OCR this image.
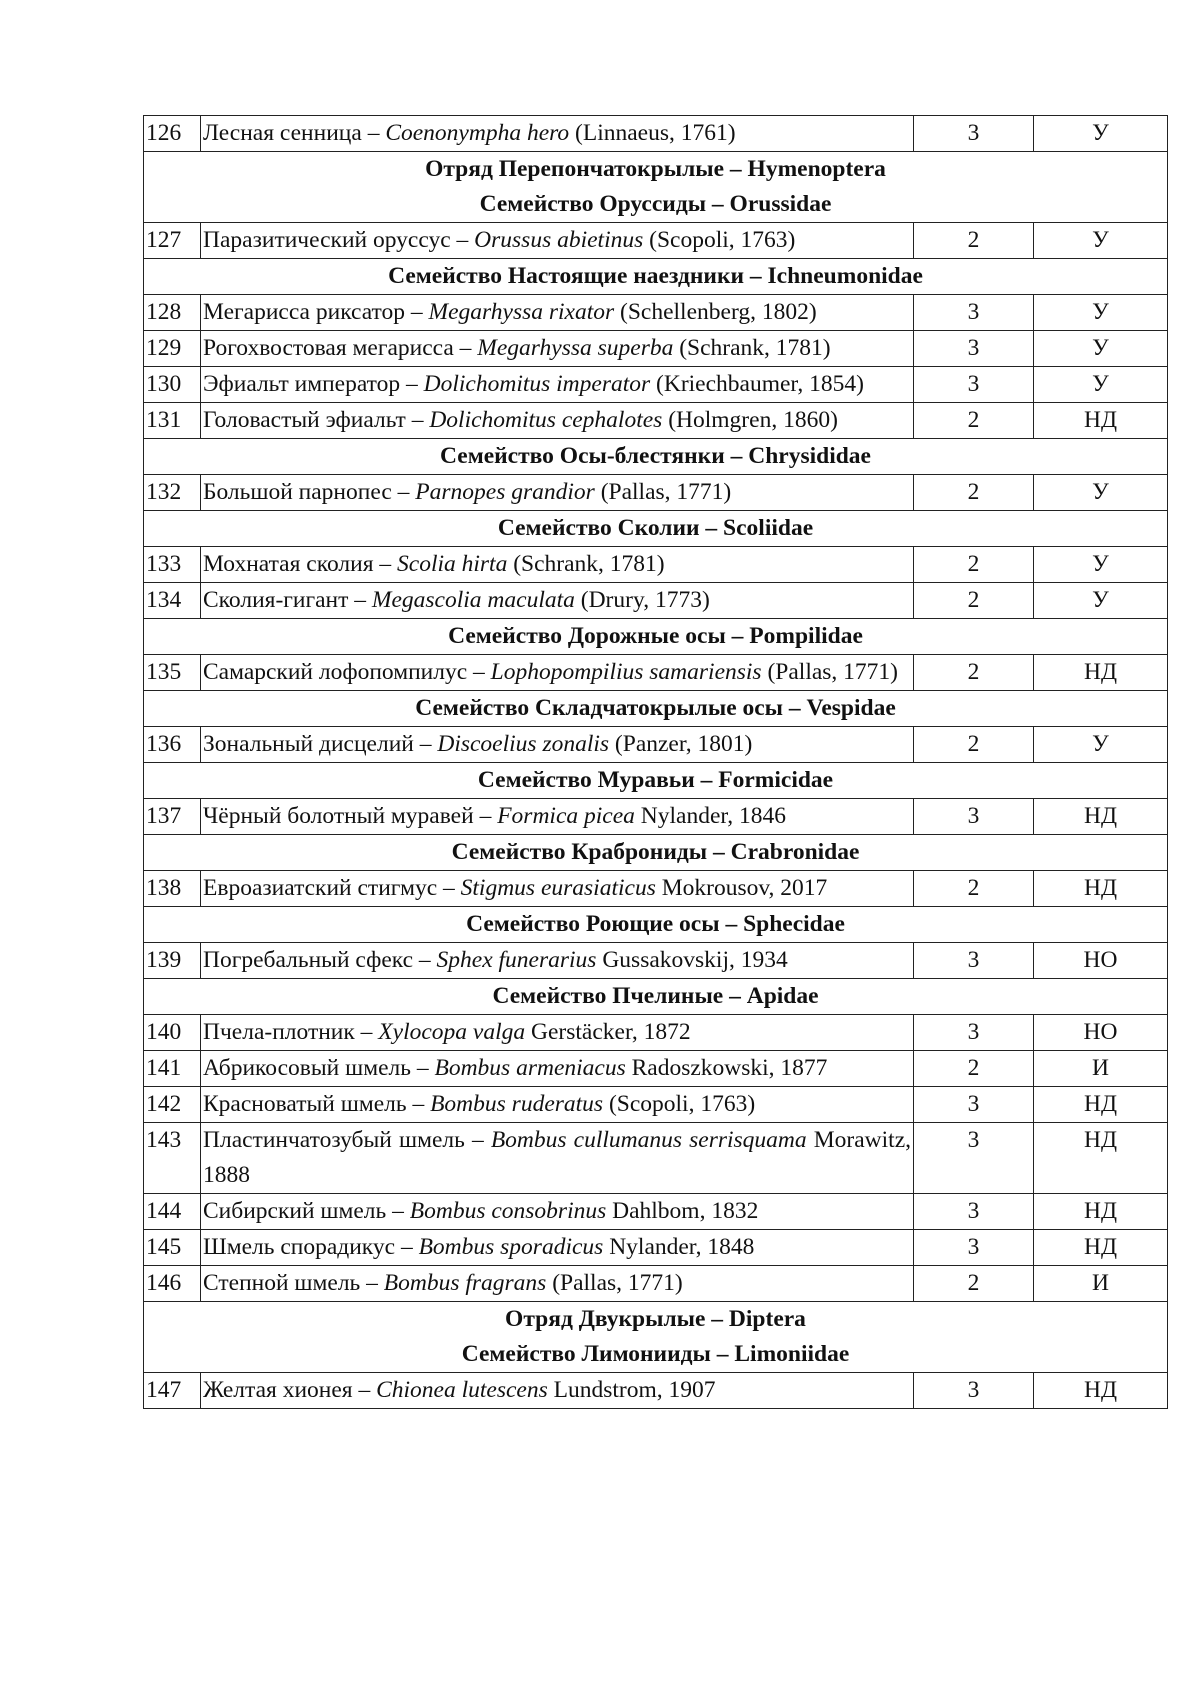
126	Лесная сенница – Coenonympha hero (Linnaeus, 1761)	3	У

Отряд Перепончатокрылые – Hymenoptera
Семейство Оруссиды – Orussidae			

127	Паразитический оруссус – Orussus abietinus (Scopoli, 1763)	2	У

Семейство Настоящие наездники – Ichneumonidae			

128	Мегарисса риксатор – Megarhyssa rixator (Schellenberg, 1802)	3	У
129	Рогохвостовая мегарисса – Megarhyssa superba (Schrank, 1781)	3	У
130	Эфиальт император – Dolichomitus imperator (Kriechbaumer, 1854)	3	У
131	Головастый эфиальт – Dolichomitus cephalotes (Holmgren, 1860)	2	НД

Семейство Осы-блестянки – Chrysididae			

132	Большой парнопес – Parnopes grandior (Pallas, 1771)	2	У

Семейство Сколии – Scoliidae			

133	Мохнатая сколия – Scolia hirta (Schrank, 1781)	2	У
134	Сколия-гигант – Megascolia maculata (Drury, 1773)	2	У

Семейство Дорожные осы – Pompilidae			

135	Самарский лофопомпилус – Lophopompilius samariensis (Pallas, 1771)	2	НД

Семейство Складчатокрылые осы – Vespidae			

136	Зональный дисцелий – Discoelius zonalis (Panzer, 1801)	2	У

Семейство Муравьи – Formicidae			

137	Чёрный болотный муравей – Formica picea Nylander, 1846	3	НД

Семейство Краброниды – Crabronidae			

138	Евроазиатский стигмус – Stigmus eurasiaticus Mokrousov, 2017	2	НД

Семейство Роющие осы – Sphecidae			

139	Погребальный сфекс – Sphex funerarius Gussakovskij, 1934	3	НО

Семейство Пчелиные – Apidae			

140	Пчела-плотник – Xylocopa valga Gerstäcker, 1872	3	НО
141	Абрикосовый шмель – Bombus armeniacus Radoszkowski, 1877	2	И
142	Красноватый шмель – Bombus ruderatus (Scopoli, 1763)	3	НД
143	Пластинчатозубый шмель – Bombus cullumanus serrisquama Morawitz, 1888	3	НД
144	Сибирский шмель – Bombus consobrinus Dahlbom, 1832	3	НД
145	Шмель спорадикус – Bombus sporadicus Nylander, 1848	3	НД
146	Степной шмель – Bombus fragrans (Pallas, 1771)	2	И

Отряд Двукрылые – Diptera
Семейство Лимонииды – Limoniidae			

147	Желтая хионея – Chionea lutescens Lundstrom, 1907	3	НД
